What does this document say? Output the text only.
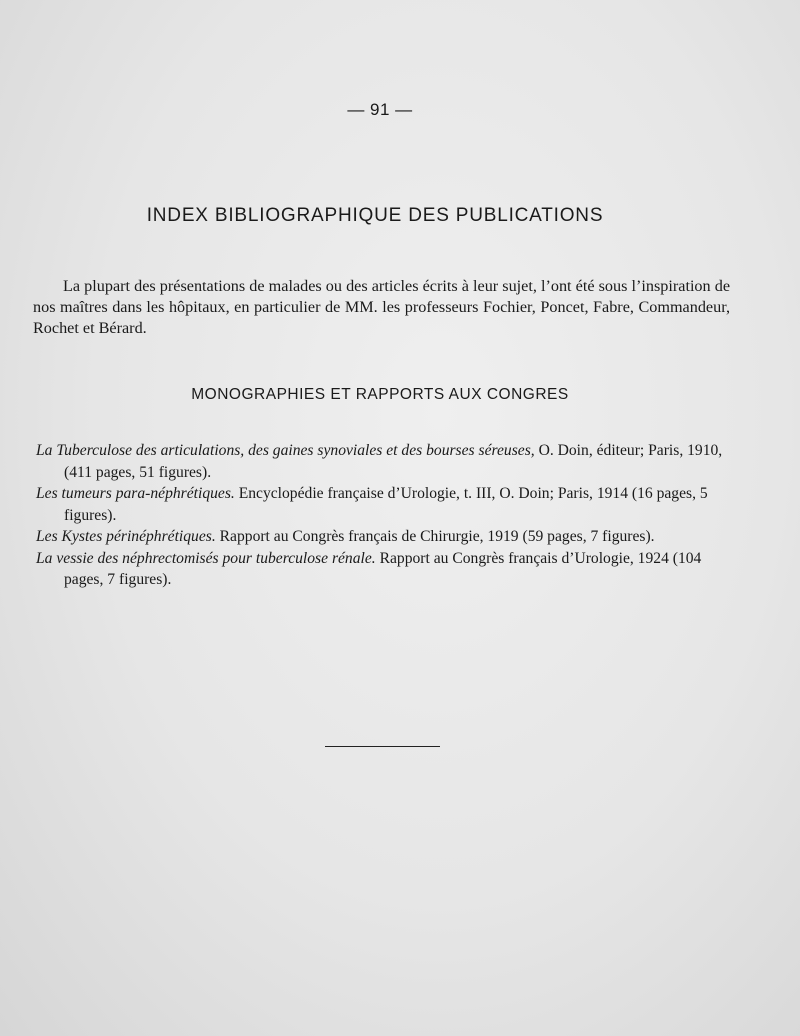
— 91 —
INDEX BIBLIOGRAPHIQUE DES PUBLICATIONS

La plupart des présentations de malades ou des articles écrits à leur sujet, l’ont été sous l’inspiration de nos maîtres dans les hôpitaux, en particulier de MM. les professeurs Fochier, Poncet, Fabre, Commandeur, Rochet et Bérard.

MONOGRAPHIES ET RAPPORTS AUX CONGRES
La Tuberculose des articulations, des gaines synoviales et des bourses séreuses, O. Doin, éditeur; Paris, 1910, (411 pages, 51 figures).
Les tumeurs para-néphrétiques. Encyclopédie française d’Urologie, t. III, O. Doin; Paris, 1914 (16 pages, 5 figures).
Les Kystes périnéphrétiques. Rapport au Congrès français de Chirurgie, 1919 (59 pages, 7 figures).
La vessie des néphrectomisés pour tuberculose rénale. Rapport au Congrès français d’Urologie, 1924 (104 pages, 7 figures).
